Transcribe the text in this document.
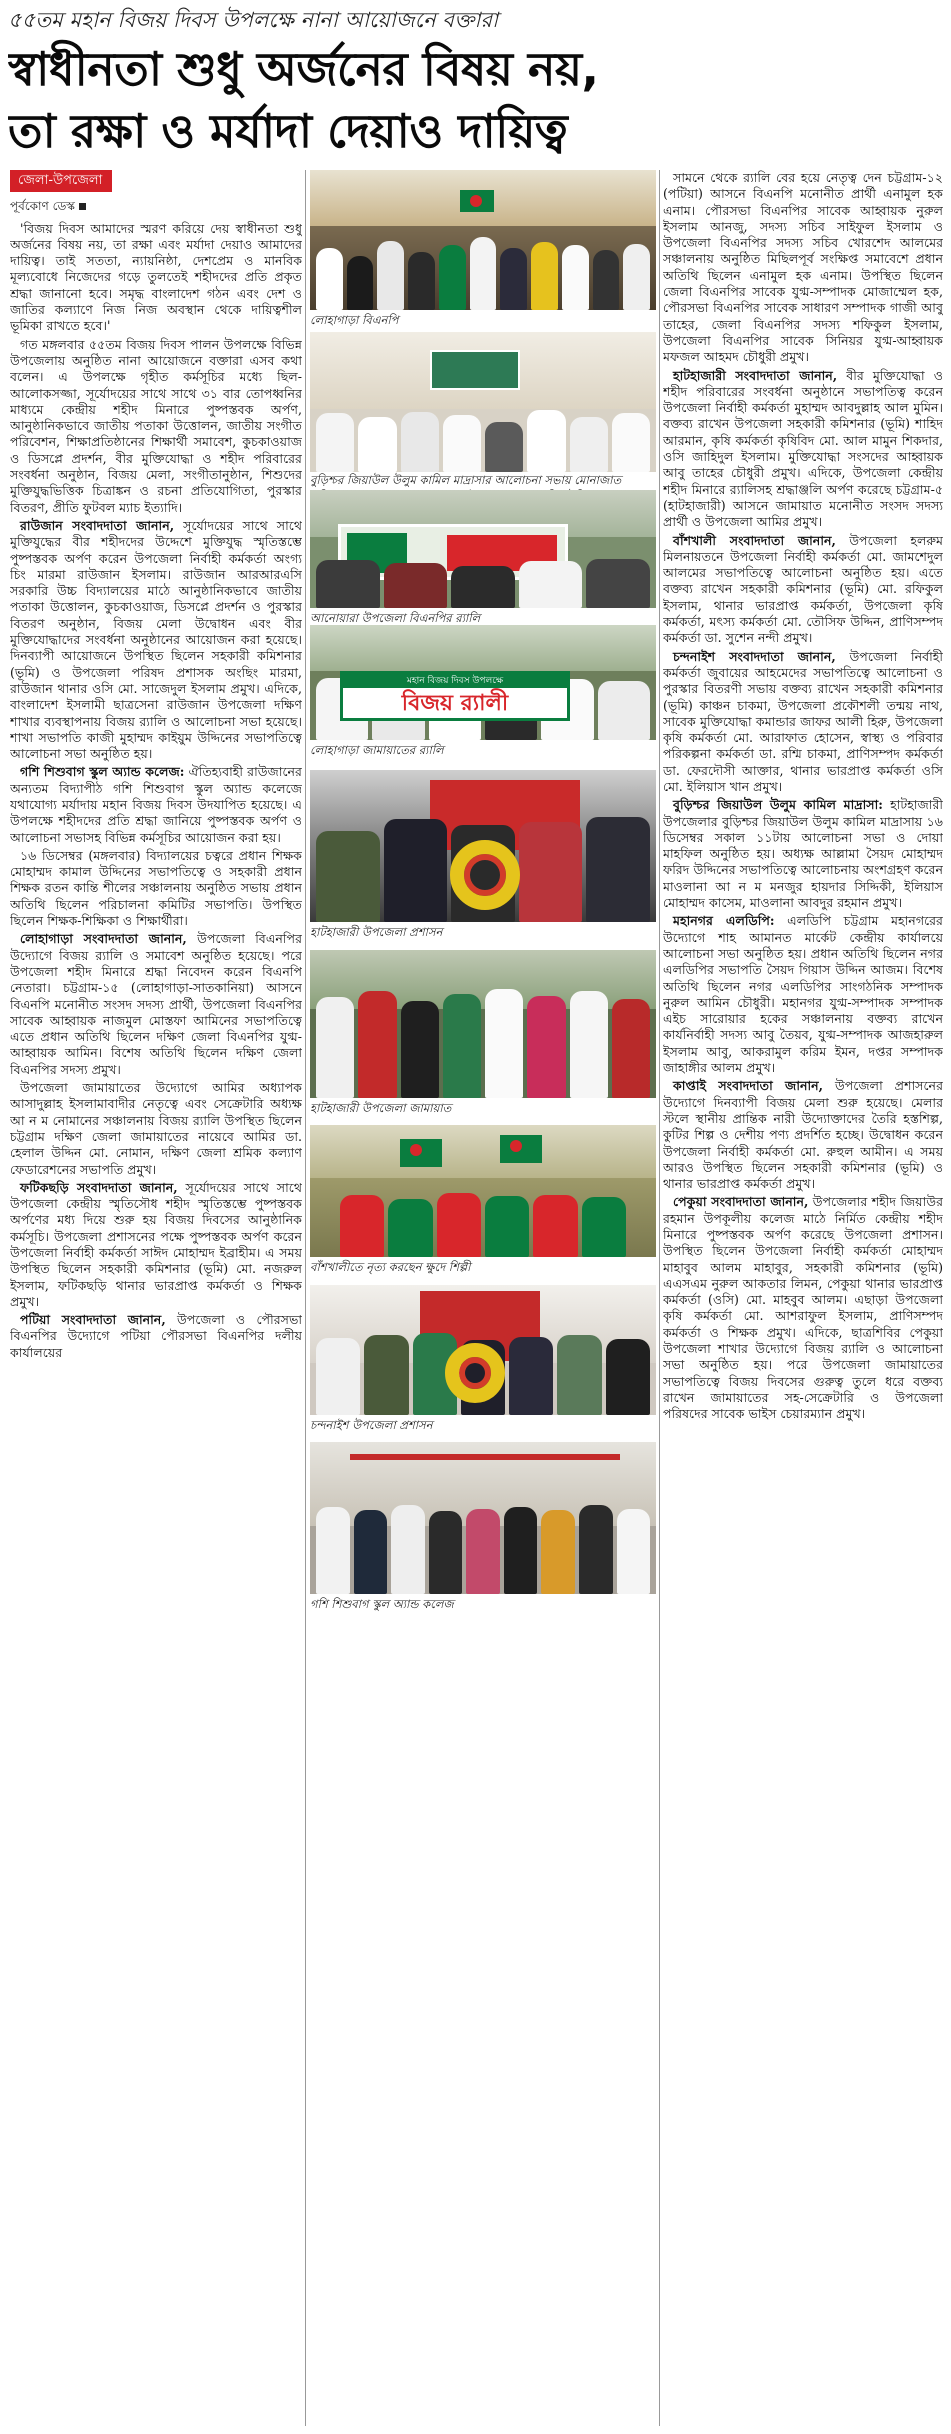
৫৫তম মহান বিজয় দিবস উপলক্ষে নানা আয়োজনে বক্তারা
স্বাধীনতা শুধু অর্জনের বিষয় নয়,
তা রক্ষা ও মর্যাদা দেয়াও দায়িত্ব
জেলা-উপজেলা
পূর্বকোণ ডেস্ক

'বিজয় দিবস আমাদের স্মরণ করিয়ে দেয় স্বাধীনতা শুধু অর্জনের বিষয় নয়, তা রক্ষা এবং মর্যাদা দেয়াও আমাদের দায়িত্ব। তাই সততা, ন্যায়নিষ্ঠা, দেশপ্রেম ও মানবিক মূল্যবোধে নিজেদের গড়ে তুলতেই শহীদদের প্রতি প্রকৃত শ্রদ্ধা জানানো হবে। সমৃদ্ধ বাংলাদেশ গঠন এবং দেশ ও জাতির কল্যাণে নিজ নিজ অবস্থান থেকে দায়িত্বশীল ভূমিকা রাখতে হবে।'

গত মঙ্গলবার ৫৫তম বিজয় দিবস পালন উপলক্ষে বিভিন্ন উপজেলায় অনুষ্ঠিত নানা আয়োজনে বক্তারা এসব কথা বলেন। এ উপলক্ষে গৃহীত কর্মসূচির মধ্যে ছিল- আলোকসজ্জা, সূর্যোদয়ের সাথে সাথে ৩১ বার তোপধ্বনির মাধ্যমে কেন্দ্রীয় শহীদ মিনারে পুষ্পস্তবক অর্পণ, আনুষ্ঠানিকভাবে জাতীয় পতাকা উত্তোলন, জাতীয় সংগীত পরিবেশন, শিক্ষাপ্রতিষ্ঠানের শিক্ষার্থী সমাবেশ, কুচকাওয়াজ ও ডিসপ্লে প্রদর্শন, বীর মুক্তিযোদ্ধা ও শহীদ পরিবারের সংবর্ধনা অনুষ্ঠান, বিজয় মেলা, সংগীতানুষ্ঠান, শিশুদের মুক্তিযুদ্ধভিত্তিক চিত্রাঙ্কন ও রচনা প্রতিযোগিতা, পুরস্কার বিতরণ, প্রীতি ফুটবল ম্যাচ ইত্যাদি।

রাউজান সংবাদদাতা জানান, সূর্যোদয়ের সাথে সাথে মুক্তিযুদ্ধের বীর শহীদদের উদ্দেশে মুক্তিযুদ্ধ স্মৃতিস্তম্ভে পুষ্পস্তবক অর্পণ করেন উপজেলা নির্বাহী কর্মকর্তা অংগ্য চিং মারমা রাউজান ইসলাম। রাউজান আরআরএসি সরকারি উচ্চ বিদ্যালয়ের মাঠে আনুষ্ঠানিকভাবে জাতীয় পতাকা উত্তোলন, কুচকাওয়াজ, ডিসপ্লে প্রদর্শন ও পুরস্কার বিতরণ অনুষ্ঠান, বিজয় মেলা উদ্বোধন এবং বীর মুক্তিযোদ্ধাদের সংবর্ধনা অনুষ্ঠানের আয়োজন করা হয়েছে। দিনব্যাপী আয়োজনে উপস্থিত ছিলেন সহকারী কমিশনার (ভূমি) ও উপজেলা পরিষদ প্রশাসক অংছিং মারমা, রাউজান থানার ওসি মো. সাজেদুল ইসলাম প্রমুখ। এদিকে, বাংলাদেশ ইসলামী ছাত্রসেনা রাউজান উপজেলা দক্ষিণ শাখার ব্যবস্থাপনায় বিজয় র‍্যালি ও আলোচনা সভা হয়েছে। শাখা সভাপতি কাজী মুহাম্মদ কাইয়ুম উদ্দিনের সভাপতিত্বে আলোচনা সভা অনুষ্ঠিত হয়।

গশি শিশুবাগ স্কুল অ্যান্ড কলেজ: ঐতিহ্যবাহী রাউজানের অন্যতম বিদ্যাপীঠ গশি শিশুবাগ স্কুল অ্যান্ড কলেজে যথাযোগ্য মর্যাদায় মহান বিজয় দিবস উদযাপিত হয়েছে। এ উপলক্ষে শহীদদের প্রতি শ্রদ্ধা জানিয়ে পুষ্পস্তবক অর্পণ ও আলোচনা সভাসহ বিভিন্ন কর্মসূচির আয়োজন করা হয়।

১৬ ডিসেম্বর (মঙ্গলবার) বিদ্যালয়ের চত্বরে প্রধান শিক্ষক মোহাম্মদ কামাল উদ্দিনের সভাপতিত্বে ও সহকারী প্রধান শিক্ষক রতন কান্তি শীলের সঞ্চালনায় অনুষ্ঠিত সভায় প্রধান অতিথি ছিলেন পরিচালনা কমিটির সভাপতি। উপস্থিত ছিলেন শিক্ষক-শিক্ষিকা ও শিক্ষার্থীরা।

লোহাগাড়া সংবাদদাতা জানান, উপজেলা বিএনপির উদ্যোগে বিজয় র‍্যালি ও সমাবেশ অনুষ্ঠিত হয়েছে। পরে উপজেলা শহীদ মিনারে শ্রদ্ধা নিবেদন করেন বিএনপি নেতারা। চট্টগ্রাম-১৫ (লোহাগাড়া-সাতকানিয়া) আসনে বিএনপি মনোনীত সংসদ সদস্য প্রার্থী, উপজেলা বিএনপির সাবেক আহ্বায়ক নাজমুল মোস্তফা আমিনের সভাপতিত্বে এতে প্রধান অতিথি ছিলেন দক্ষিণ জেলা বিএনপির যুগ্ম-আহ্বায়ক আমিন। বিশেষ অতিথি ছিলেন দক্ষিণ জেলা বিএনপির সদস্য প্রমুখ।

উপজেলা জামায়াতের উদ্যোগে আমির অধ্যাপক আসাদুল্লাহ ইসলামাবাদীর নেতৃত্বে এবং সেক্রেটারি অধ্যক্ষ আ ন ম নোমানের সঞ্চালনায় বিজয় র‍্যালি উপস্থিত ছিলেন চট্টগ্রাম দক্ষিণ জেলা জামায়াতের নায়েবে আমির ডা. হেলাল উদ্দিন মো. নোমান, দক্ষিণ জেলা শ্রমিক কল্যাণ ফেডারেশনের সভাপতি প্রমুখ।

ফটিকছড়ি সংবাদদাতা জানান, সূর্যোদয়ের সাথে সাথে উপজেলা কেন্দ্রীয় স্মৃতিসৌধ শহীদ স্মৃতিস্তম্ভে পুষ্পস্তবক অর্পণের মধ্য দিয়ে শুরু হয় বিজয় দিবসের আনুষ্ঠানিক কর্মসূচি। উপজেলা প্রশাসনের পক্ষে পুষ্পস্তবক অর্পণ করেন উপজেলা নির্বাহী কর্মকর্তা সাঈদ মোহাম্মদ ইব্রাহীম। এ সময় উপস্থিত ছিলেন সহকারী কমিশনার (ভূমি) মো. নজরুল ইসলাম, ফটিকছড়ি থানার ভারপ্রাপ্ত কর্মকর্তা ও শিক্ষক প্রমুখ।

পটিয়া সংবাদদাতা জানান, উপজেলা ও পৌরসভা বিএনপির উদ্যোগে পটিয়া পৌরসভা বিএনপির দলীয় কার্যালয়ের

লোহাগাড়া বিএনপি
বুড়িশ্চর জিয়াউল উলুম কামিল মাদ্রাসার আলোচনা সভায় মোনাজাত
আনোয়ারা উপজেলা বিএনপির র‍্যালি
মহান বিজয় দিবস উপলক্ষে
বিজয় র‍্যালী
লোহাগাড়া জামায়াতের র‍্যালি
হাটহাজারী উপজেলা প্রশাসন
হাটহাজারী উপজেলা জামায়াত
বাঁশখালীতে নৃত্য করছেন ক্ষুদে শিল্পী
চন্দনাইশ উপজেলা প্রশাসন
গশি শিশুবাগ স্কুল অ্যান্ড কলেজ

সামনে থেকে র‍্যালি বের হয়ে নেতৃত্ব দেন চট্টগ্রাম-১২ (পটিয়া) আসনে বিএনপি মনোনীত প্রার্থী এনামুল হক এনাম। পৌরসভা বিএনপির সাবেক আহ্বায়ক নুরুল ইসলাম আনজু, সদস্য সচিব সাইফুল ইসলাম ও উপজেলা বিএনপির সদস্য সচিব খোরশেদ আলমের সঞ্চালনায় অনুষ্ঠিত মিছিলপূর্ব সংক্ষিপ্ত সমাবেশে প্রধান অতিথি ছিলেন এনামুল হক এনাম। উপস্থিত ছিলেন জেলা বিএনপির সাবেক যুগ্ম-সম্পাদক মোজাম্মেল হক, পৌরসভা বিএনপির সাবেক সাধারণ সম্পাদক গাজী আবু তাহের, জেলা বিএনপির সদস্য শফিকুল ইসলাম, উপজেলা বিএনপির সাবেক সিনিয়র যুগ্ম-আহ্বায়ক মফজল আহমদ চৌধুরী প্রমুখ।

হাটহাজারী সংবাদদাতা জানান, বীর মুক্তিযোদ্ধা ও শহীদ পরিবারের সংবর্ধনা অনুষ্ঠানে সভাপতিত্ব করেন উপজেলা নির্বাহী কর্মকর্তা মুহাম্মদ আবদুল্লাহ আল মুমিন। বক্তব্য রাখেন উপজেলা সহকারী কমিশনার (ভূমি) শাহিদ আরমান, কৃষি কর্মকর্তা কৃষিবিদ মো. আল মামুন শিকদার, ওসি জাহিদুল ইসলাম। মুক্তিযোদ্ধা সংসদের আহ্বায়ক আবু তাহের চৌধুরী প্রমুখ। এদিকে, উপজেলা কেন্দ্রীয় শহীদ মিনারে র‍্যালিসহ শ্রদ্ধাঞ্জলি অর্পণ করেছে চট্টগ্রাম-৫ (হাটহাজারী) আসনে জামায়াত মনোনীত সংসদ সদস্য প্রার্থী ও উপজেলা আমির প্রমুখ।

বাঁশখালী সংবাদদাতা জানান, উপজেলা হলরুম মিলনায়তনে উপজেলা নির্বাহী কর্মকর্তা মো. জামশেদুল আলমের সভাপতিত্বে আলোচনা অনুষ্ঠিত হয়। এতে বক্তব্য রাখেন সহকারী কমিশনার (ভূমি) মো. রফিকুল ইসলাম, থানার ভারপ্রাপ্ত কর্মকর্তা, উপজেলা কৃষি কর্মকর্তা, মৎস্য কর্মকর্তা মো. তৌসিফ উদ্দিন, প্রাণিসম্পদ কর্মকর্তা ডা. সুশেন নন্দী প্রমুখ।

চন্দনাইশ সংবাদদাতা জানান, উপজেলা নির্বাহী কর্মকর্তা জুবায়ের আহমেদের সভাপতিত্বে আলোচনা ও পুরস্কার বিতরণী সভায় বক্তব্য রাখেন সহকারী কমিশনার (ভূমি) কাঞ্চন চাকমা, উপজেলা প্রকৌশলী তন্ময় নাথ, সাবেক মুক্তিযোদ্ধা কমান্ডার জাফর আলী হিরু, উপজেলা কৃষি কর্মকর্তা মো. আরাফাত হোসেন, স্বাস্থ্য ও পরিবার পরিকল্পনা কর্মকর্তা ডা. রশ্মি চাকমা, প্রাণিসম্পদ কর্মকর্তা ডা. ফেরদৌসী আক্তার, থানার ভারপ্রাপ্ত কর্মকর্তা ওসি মো. ইলিয়াস খান প্রমুখ।

বুড়িশ্চর জিয়াউল উলুম কামিল মাদ্রাসা: হাটহাজারী উপজেলার বুড়িশ্চর জিয়াউল উলুম কামিল মাদ্রাসায় ১৬ ডিসেম্বর সকাল ১১টায় আলোচনা সভা ও দোয়া মাহফিল অনুষ্ঠিত হয়। অধ্যক্ষ আল্লামা সৈয়দ মোহাম্মদ ফরিদ উদ্দিনের সভাপতিত্বে আলোচনায় অংশগ্রহণ করেন মাওলানা আ ন ম মনজুর হায়দার সিদ্দিকী, ইলিয়াস মোহাম্মদ কাসেম, মাওলানা আবদুর রহমান প্রমুখ।

মহানগর এলডিপি: এলডিপি চট্টগ্রাম মহানগরের উদ্যোগে শাহ আমানত মার্কেট কেন্দ্রীয় কার্যালয়ে আলোচনা সভা অনুষ্ঠিত হয়। প্রধান অতিথি ছিলেন নগর এলডিপির সভাপতি সৈয়দ গিয়াস উদ্দিন আজম। বিশেষ অতিথি ছিলেন নগর এলডিপির সাংগঠনিক সম্পাদক নুরুল আমিন চৌধুরী। মহানগর যুগ্ম-সম্পাদক সম্পাদক এইচ সারোয়ার হকের সঞ্চালনায় বক্তব্য রাখেন কার্যনির্বাহী সদস্য আবু তৈয়ব, যুগ্ম-সম্পাদক আজহারুল ইসলাম আবু, আকরামুল করিম ইমন, দপ্তর সম্পাদক জাহাঙ্গীর আলম প্রমুখ।

কাপ্তাই সংবাদদাতা জানান, উপজেলা প্রশাসনের উদ্যোগে দিনব্যাপী বিজয় মেলা শুরু হয়েছে। মেলার স্টলে স্থানীয় প্রান্তিক নারী উদ্যোক্তাদের তৈরি হস্তশিল্প, কুটির শিল্প ও দেশীয় পণ্য প্রদর্শিত হচ্ছে। উদ্বোধন করেন উপজেলা নির্বাহী কর্মকর্তা মো. রুহুল আমীন। এ সময় আরও উপস্থিত ছিলেন সহকারী কমিশনার (ভূমি) ও থানার ভারপ্রাপ্ত কর্মকর্তা প্রমুখ।

পেকুয়া সংবাদদাতা জানান, উপজেলার শহীদ জিয়াউর রহমান উপকূলীয় কলেজ মাঠে নির্মিত কেন্দ্রীয় শহীদ মিনারে পুষ্পস্তবক অর্পণ করেছে উপজেলা প্রশাসন। উপস্থিত ছিলেন উপজেলা নির্বাহী কর্মকর্তা মোহাম্মদ মাহাবুব আলম মাহাবুর, সহকারী কমিশনার (ভূমি) এএসএম নুরুল আকতার লিমন, পেকুয়া থানার ভারপ্রাপ্ত কর্মকর্তা (ওসি) মো. মাহবুব আলম। এছাড়া উপজেলা কৃষি কর্মকর্তা মো. আশরাফুল ইসলাম, প্রাণিসম্পদ কর্মকর্তা ও শিক্ষক প্রমুখ। এদিকে, ছাত্রশিবির পেকুয়া উপজেলা শাখার উদ্যোগে বিজয় র‍্যালি ও আলোচনা সভা অনুষ্ঠিত হয়। পরে উপজেলা জামায়াতের সভাপতিত্বে বিজয় দিবসের গুরুত্ব তুলে ধরে বক্তব্য রাখেন জামায়াতের সহ-সেক্রেটারি ও উপজেলা পরিষদের সাবেক ভাইস চেয়ারম্যান প্রমুখ।
